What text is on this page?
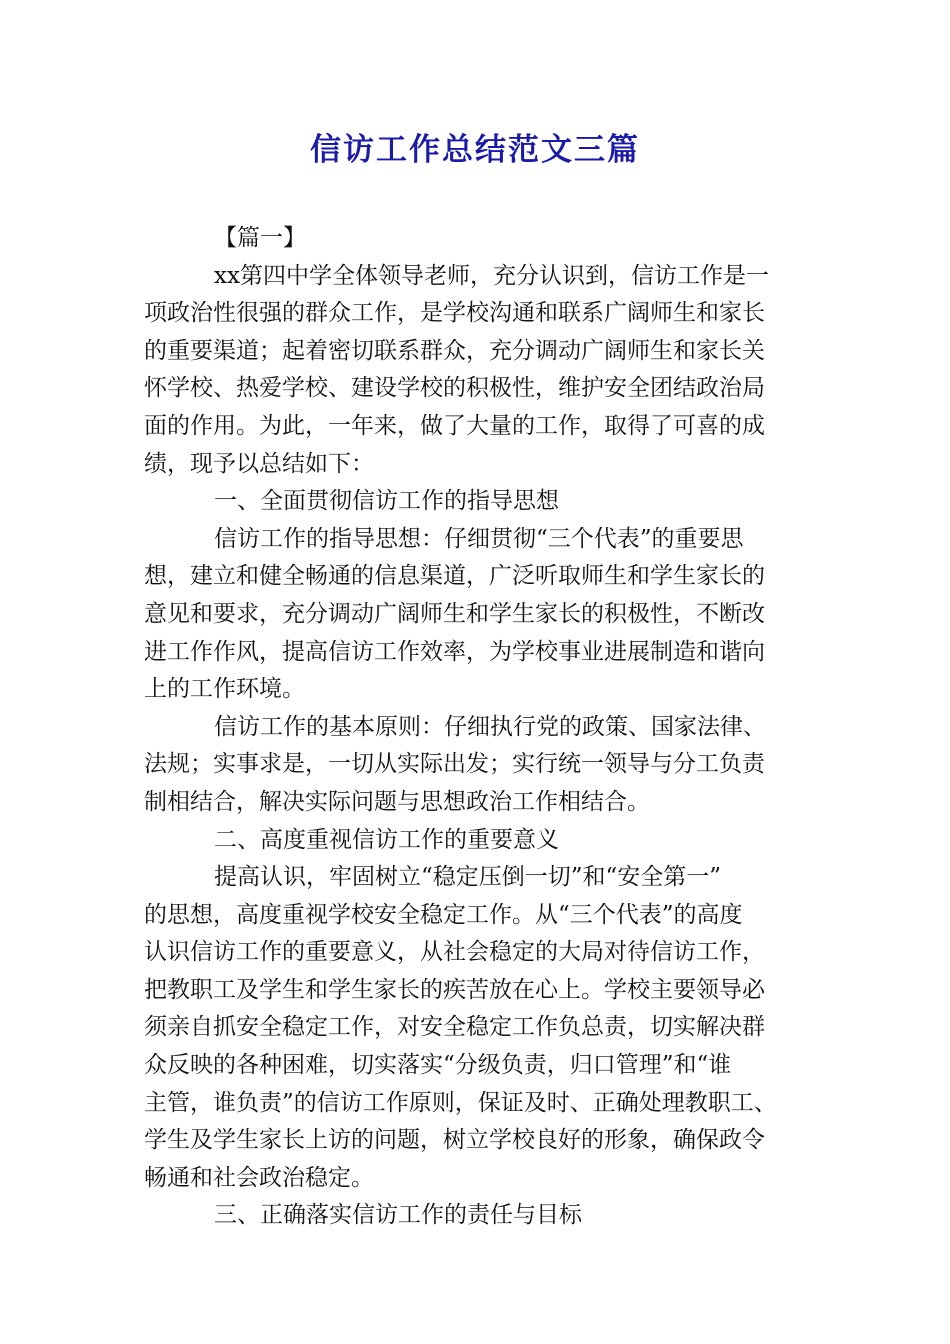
信访工作总结范文三篇
【篇一】
xx第四中学全体领导老师，充分认识到，信访工作是一
项政治性很强的群众工作，是学校沟通和联系广阔师生和家长
的重要渠道；起着密切联系群众，充分调动广阔师生和家长关
怀学校、热爱学校、建设学校的积极性，维护安全团结政治局
面的作用。为此，一年来，做了大量的工作，取得了可喜的成
绩，现予以总结如下：
一、全面贯彻信访工作的指导思想
信访工作的指导思想：仔细贯彻“三个代表”的重要思
想，建立和健全畅通的信息渠道，广泛听取师生和学生家长的
意见和要求，充分调动广阔师生和学生家长的积极性，不断改
进工作作风，提高信访工作效率，为学校事业进展制造和谐向
上的工作环境。
信访工作的基本原则：仔细执行党的政策、国家法律、
法规；实事求是，一切从实际出发；实行统一领导与分工负责
制相结合，解决实际问题与思想政治工作相结合。
二、高度重视信访工作的重要意义
提高认识，牢固树立“稳定压倒一切”和“安全第一”
的思想，高度重视学校安全稳定工作。从“三个代表”的高度
认识信访工作的重要意义，从社会稳定的大局对待信访工作，
把教职工及学生和学生家长的疾苦放在心上。学校主要领导必
须亲自抓安全稳定工作，对安全稳定工作负总责，切实解决群
众反映的各种困难，切实落实“分级负责，归口管理”和“谁
主管，谁负责”的信访工作原则，保证及时、正确处理教职工、
学生及学生家长上访的问题，树立学校良好的形象，确保政令
畅通和社会政治稳定。
三、正确落实信访工作的责任与目标
